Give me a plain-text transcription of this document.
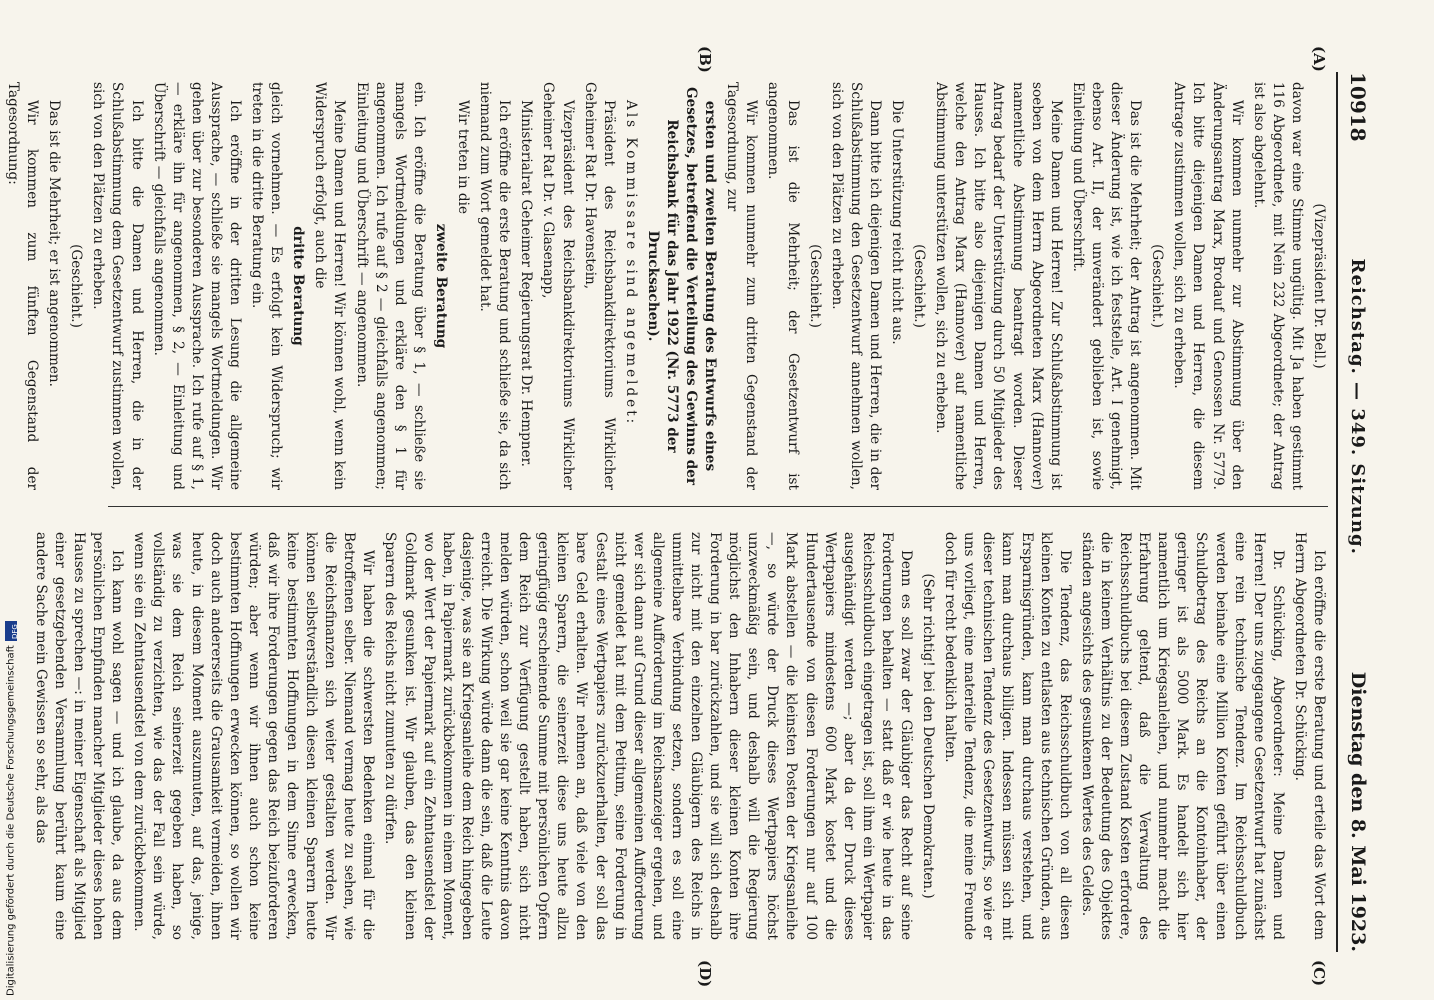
10918
Reichstag. — 349. Sitzung.
Dienstag den 8. Mai 1923.
(A)
(B)
(C)
(D)

(Vizepräsident Dr. Bell.)

davon war eine Stimme ungültig. Mit Ja haben gestimmt 116 Abgeordnete, mit Nein 232 Abgeordnete; der Antrag ist also abgelehnt.

Wir kommen nunmehr zur Abstimmung über den Änderungsantrag Marx, Brodauf und Genossen Nr. 5779. Ich bitte diejenigen Damen und Herren, die diesem Antrage zustimmen wollen, sich zu erheben.

(Geschieht.)

Das ist die Mehrheit; der Antrag ist angenommen. Mit dieser Änderung ist, wie ich feststelle, Art. I genehmigt, ebenso Art. II, der unverändert geblieben ist, sowie Einleitung und Überschrift.

Meine Damen und Herren! Zur Schlußabstimmung ist soeben von dem Herrn Abgeordneten Marx (Hannover) namentliche Abstimmung beantragt worden. Dieser Antrag bedarf der Unterstützung durch 50 Mitglieder des Hauses. Ich bitte also diejenigen Damen und Herren, welche den Antrag Marx (Hannover) auf namentliche Abstimmung unterstützen wollen, sich zu erheben.

(Geschieht.)

Die Unterstützung reicht nicht aus.

Dann bitte ich diejenigen Damen und Herren, die in der Schlußabstimmung den Gesetzentwurf annehmen wollen, sich von den Plätzen zu erheben.

(Geschieht.)

Das ist die Mehrheit; der Gesetzentwurf ist angenommen.

Wir kommen nunmehr zum dritten Gegenstand der Tagesordnung, zur

ersten und zweiten Beratung des Entwurfs eines Gesetzes, betreffend die Verteilung des Gewinns der Reichsbank für das Jahr 1922 (Nr. 5773 der Drucksachen).

Als Kommissare sind angemeldet:

Präsident des Reichsbankdirektoriums Wirklicher Geheimer Rat Dr. Havenstein,

Vizepräsident des Reichsbankdirektoriums Wirklicher Geheimer Rat Dr. v. Glasenapp,

Ministerialrat Geheimer Regierungsrat Dr. Hempner.

Ich eröffne die erste Beratung und schließe sie, da sich niemand zum Wort gemeldet hat.

Wir treten in die

zweite Beratung

ein. Ich eröffne die Beratung über § 1, — schließe sie mangels Wortmeldungen und erkläre den § 1 für angenommen. Ich rufe auf § 2 — gleichfalls angenommen; Einleitung und Überschrift — angenommen.

Meine Damen und Herren! Wir können wohl, wenn kein Widerspruch erfolgt, auch die

dritte Beratung

gleich vornehmen. — Es erfolgt kein Widerspruch; wir treten in die dritte Beratung ein.

Ich eröffne in der dritten Lesung die allgemeine Aussprache, — schließe sie mangels Wortmeldungen. Wir gehen über zur besonderen Aussprache. Ich rufe auf § 1, — erkläre ihn für angenommen, § 2, — Einleitung und Überschrift — gleichfalls angenommen.

Ich bitte die Damen und Herren, die in der Schlußabstimmung dem Gesetzentwurf zustimmen wollen, sich von den Plätzen zu erheben.

(Geschieht.)

Das ist die Mehrheit; er ist angenommen.

Wir kommen zum fünften Gegenstand der Tagesordnung:

Ich eröffne die erste Beratung und erteile das Wort dem Herrn Abgeordneten Dr. Schücking.

Dr. Schücking, Abgeordneter: Meine Damen und Herren! Der uns zugegangene Gesetzentwurf hat zunächst eine rein technische Tendenz. Im Reichsschuldbuch werden beinahe eine Million Konten geführt über einen Schuldbetrag des Reichs an die Kontoinhaber, der geringer ist als 5000 Mark. Es handelt sich hier namentlich um Kriegsanleihen, und nunmehr macht die Erfahrung geltend, daß die Verwaltung des Reichsschuldbuchs bei diesem Zustand Kosten erfordere, die in keinem Verhältnis zu der Bedeutung des Objektes ständen angesichts des gesunkenen Wertes des Geldes.

Die Tendenz, das Reichsschuldbuch von all diesen kleinen Konten zu entlasten aus technischen Gründen, aus Ersparnisgründen, kann man durchaus verstehen, und kann man durchaus billigen. Indessen müssen sich mit dieser technischen Tendenz des Gesetzentwurfs, so wie er uns vorliegt, eine materielle Tendenz, die meine Freunde doch für recht bedenklich halten.

(Sehr richtig! bei den Deutschen Demokraten.)

Denn es soll zwar der Gläubiger das Recht auf seine Forderungen behalten — statt daß er wie heute in das Reichsschuldbuch eingetragen ist, soll ihm ein Wertpapier ausgehändigt werden —; aber da der Druck dieses Wertpapiers mindestens 600 Mark kostet und die Hundertausende von diesen Forderungen nur auf 100 Mark abstellen — die kleinsten Posten der Kriegsanleihe —, so würde der Druck dieses Wertpapiers höchst unzweckmäßig sein, und deshalb will die Regierung möglichst den Inhabern dieser kleinen Konten ihre Forderung in bar zurückzahlen, und sie will sich deshalb zur nicht mit den einzelnen Gläubigern des Reichs in unmittelbare Verbindung setzen, sondern es soll eine allgemeine Aufforderung im Reichsanzeiger ergehen, und wer sich dann auf Grund dieser allgemeinen Aufforderung nicht gemeldet hat mit dem Petitum, seine Forderung in Gestalt eines Wertpapiers zurückzuerhalten, der soll das bare Geld erhalten. Wir nehmen an, daß viele von den kleinen Sparern, die seinerzeit diese uns heute allzu geringfügig erscheinende Summe mit persönlichen Opfern dem Reich zur Verfügung gestellt haben, sich nicht melden würden, schon weil sie gar keine Kenntnis davon erreicht. Die Wirkung würde dann die sein, daß die Leute dasjenige, was sie an Kriegsanleihe dem Reich hingegeben haben, in Papiermark zurückbekommen in einem Moment, wo der Wert der Papiermark auf ein Zehntausendstel der Goldmark gesunken ist. Wir glauben, das den kleinen Sparern des Reichs nicht zumuten zu dürfen.

Wir haben die schwersten Bedenken einmal für die Betroffenen selber. Niemand vermag heute zu sehen, wie die Reichsfinanzen sich weiter gestalten werden. Wir können selbstverständlich diesen kleinen Sparern heute keine bestimmten Hoffnungen in dem Sinne erwecken, daß wir ihre Forderungen gegen das Reich beizuforderen würden; aber wenn wir ihnen auch schon keine bestimmten Hoffnungen erwecken können, so wollen wir doch auch andererseits die Grausamkeit vermeiden, ihnen heute, in diesem Moment auszumuten, auf das, jenige, was sie dem Reich seinerzeit gegeben haben, so vollständig zu verzichten, wie das der Fall sein würde, wenn sie ein Zehntausendstel von dem zurückbekommen.

Ich kann wohl sagen — und ich glaube, da aus dem persönlichen Empfinden mancher Mitglieder dieses hohen Hauses zu sprechen —: in meiner Eigenschaft als Mitglied einer gesetzgebenden Versammlung berührt kaum eine andere Sache mein Gewissen so sehr, als das

Digitalisierung gefördert durch die Deutsche Forschungsgemeinschaft
DFG
